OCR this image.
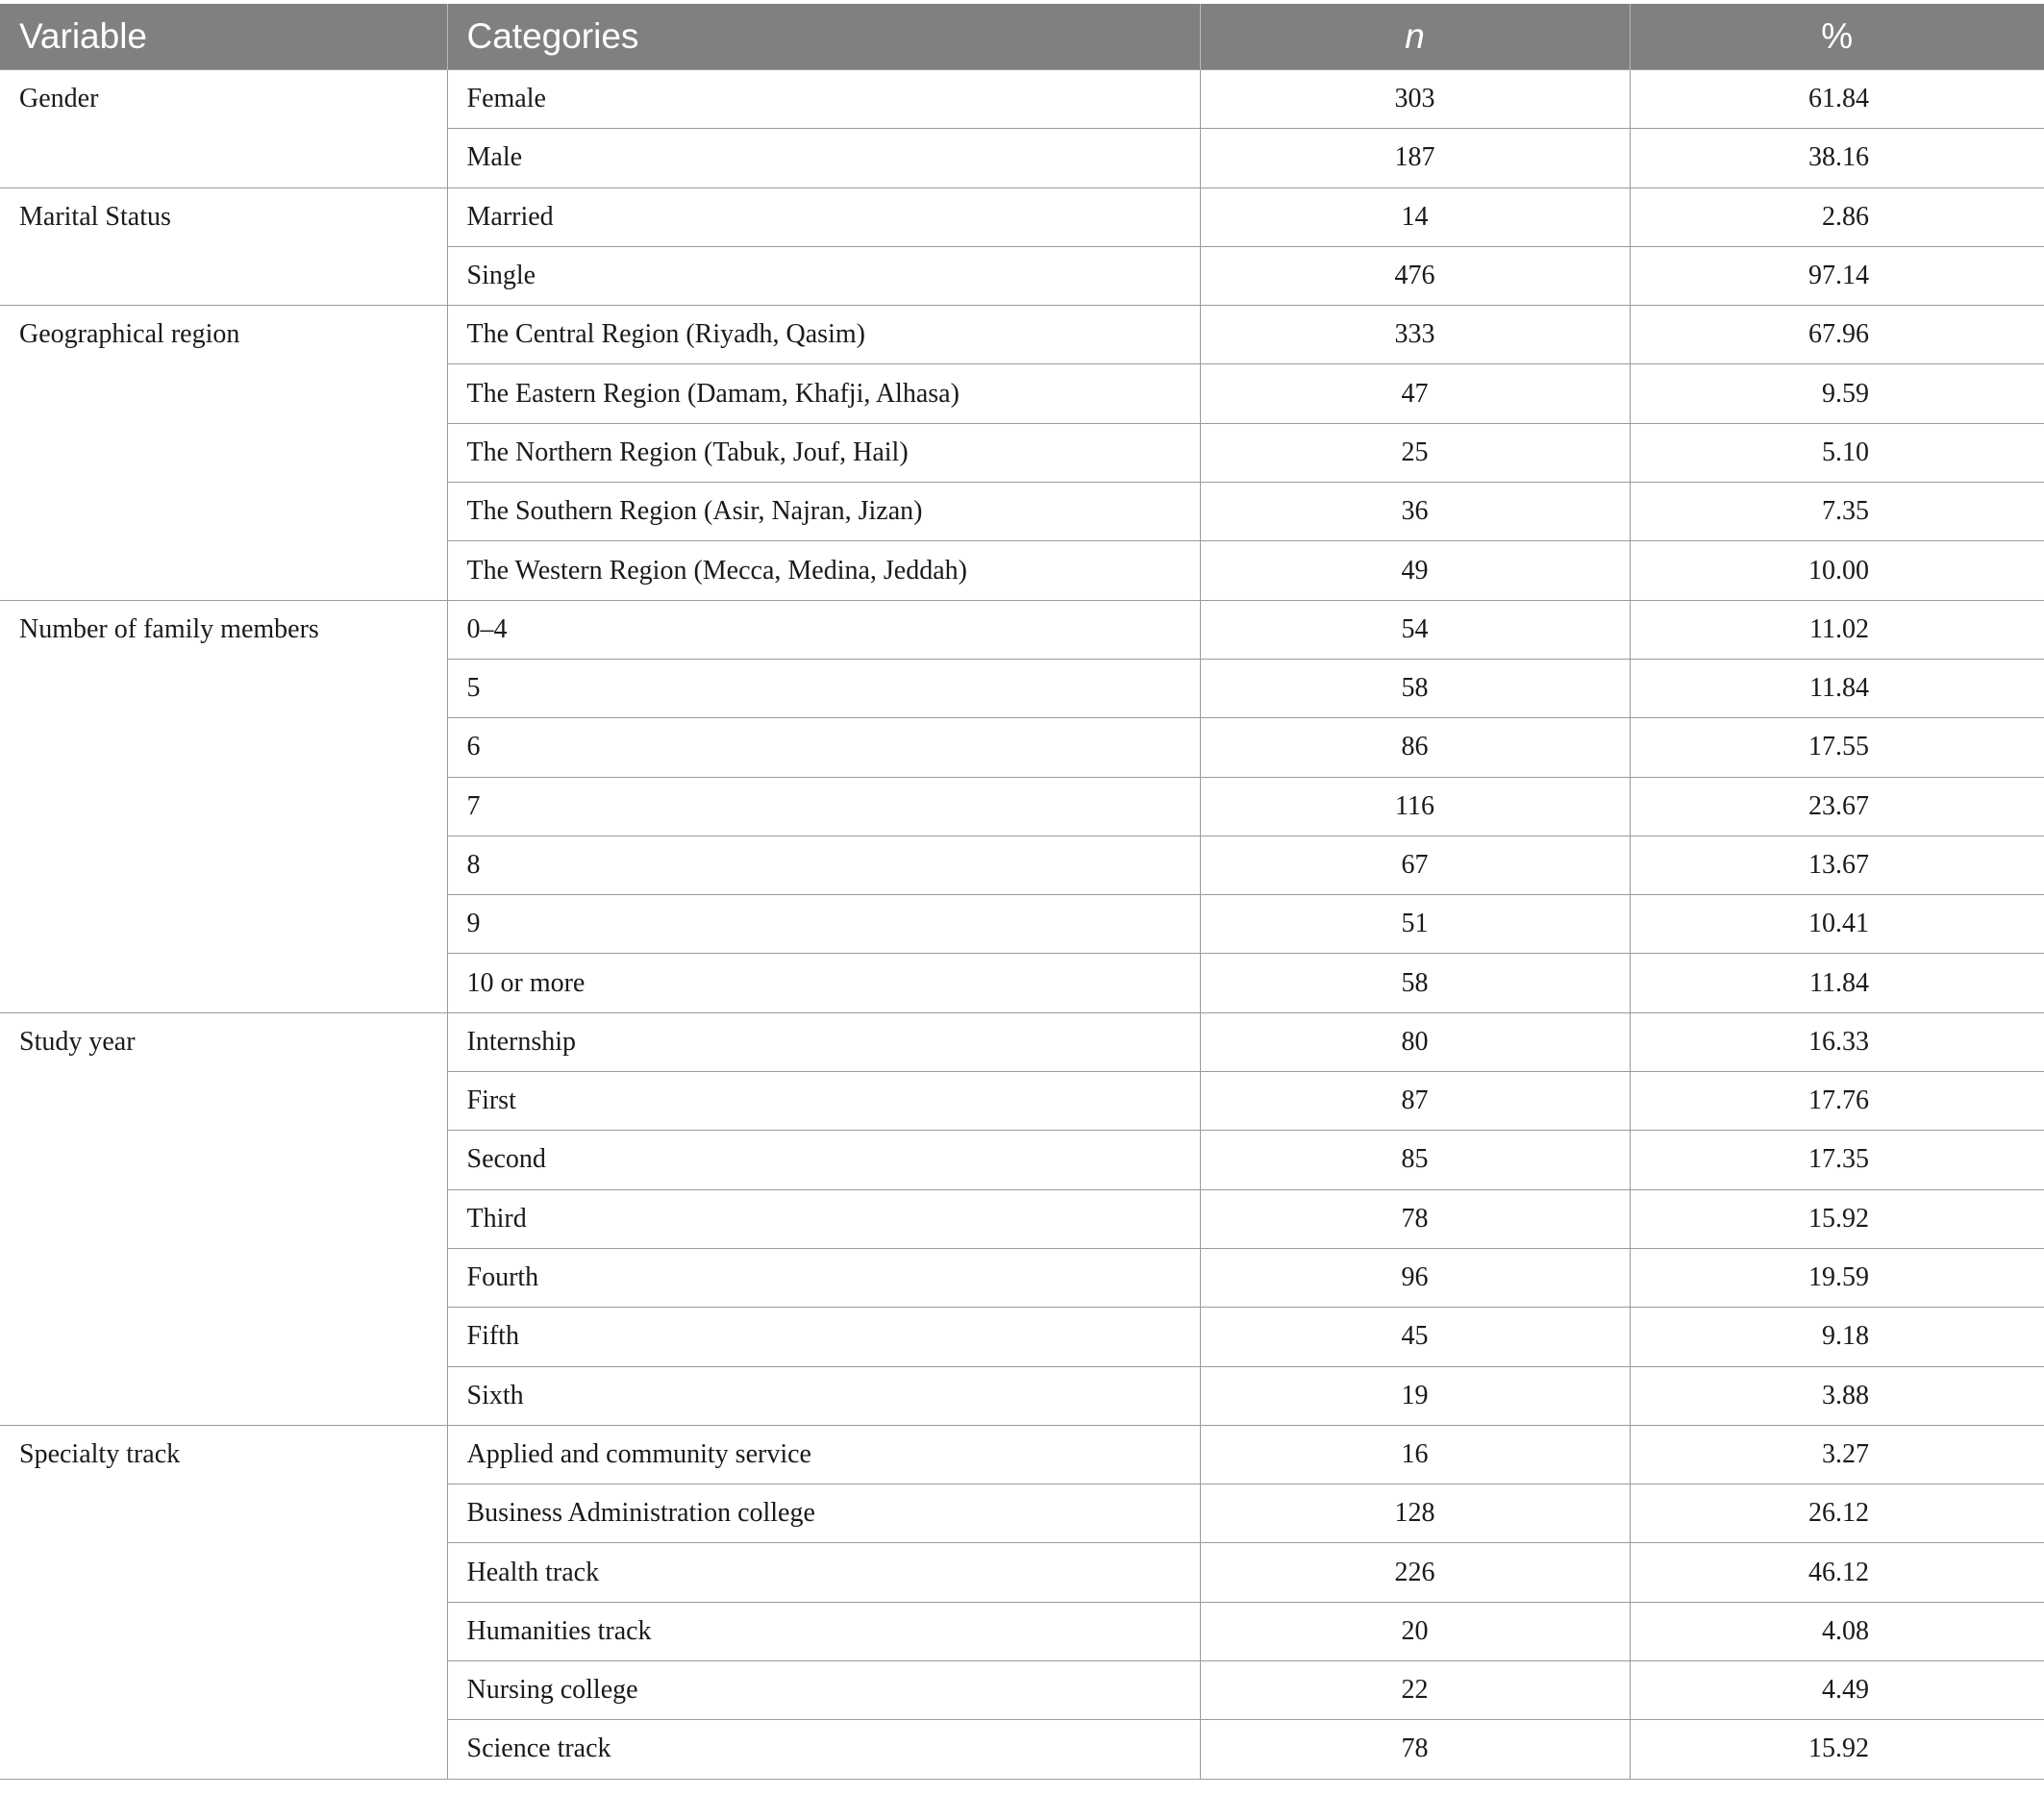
Variable	Categories	n	%
Gender	Female	303	61.84
	Male	187	38.16
Marital Status	Married	14	2.86
	Single	476	97.14
Geographical region	The Central Region (Riyadh, Qasim)	333	67.96
	The Eastern Region (Damam, Khafji, Alhasa)	47	9.59
	The Northern Region (Tabuk, Jouf, Hail)	25	5.10
	The Southern Region (Asir, Najran, Jizan)	36	7.35
	The Western Region (Mecca, Medina, Jeddah)	49	10.00
Number of family members	0–4	54	11.02
	5	58	11.84
	6	86	17.55
	7	116	23.67
	8	67	13.67
	9	51	10.41
	10 or more	58	11.84
Study year	Internship	80	16.33
	First	87	17.76
	Second	85	17.35
	Third	78	15.92
	Fourth	96	19.59
	Fifth	45	9.18
	Sixth	19	3.88
Specialty track	Applied and community service	16	3.27
	Business Administration college	128	26.12
	Health track	226	46.12
	Humanities track	20	4.08
	Nursing college	22	4.49
	Science track	78	15.92
